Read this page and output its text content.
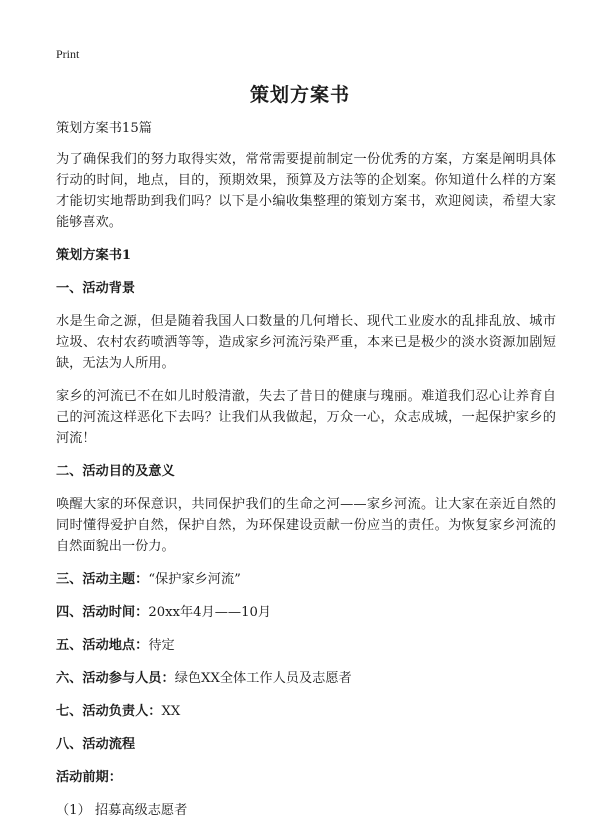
Print
策划方案书

策划方案书15篇

为了确保我们的努力取得实效，常常需要提前制定一份优秀的方案，方案是阐明具体行动的时间，地点，目的，预期效果，预算及方法等的企划案。你知道什么样的方案才能切实地帮助到我们吗？以下是小编收集整理的策划方案书，欢迎阅读，希望大家能够喜欢。

策划方案书1

一、活动背景

水是生命之源，但是随着我国人口数量的几何增长、现代工业废水的乱排乱放、城市垃圾、农村农药喷洒等等，造成家乡河流污染严重，本来已是极少的淡水资源加剧短缺，无法为人所用。

家乡的河流已不在如儿时般清澈，失去了昔日的健康与瑰丽。难道我们忍心让养育自己的河流这样恶化下去吗？让我们从我做起，万众一心，众志成城，一起保护家乡的河流！

二、活动目的及意义

唤醒大家的环保意识，共同保护我们的生命之河——家乡河流。让大家在亲近自然的同时懂得爱护自然，保护自然，为环保建设贡献一份应当的责任。为恢复家乡河流的自然面貌出一份力。

三、活动主题：“保护家乡河流”

四、活动时间：20xx年4月——10月

五、活动地点：待定

六、活动参与人员：绿色XX全体工作人员及志愿者

七、活动负责人：XX

八、活动流程

活动前期：

（1） 招募高级志愿者
